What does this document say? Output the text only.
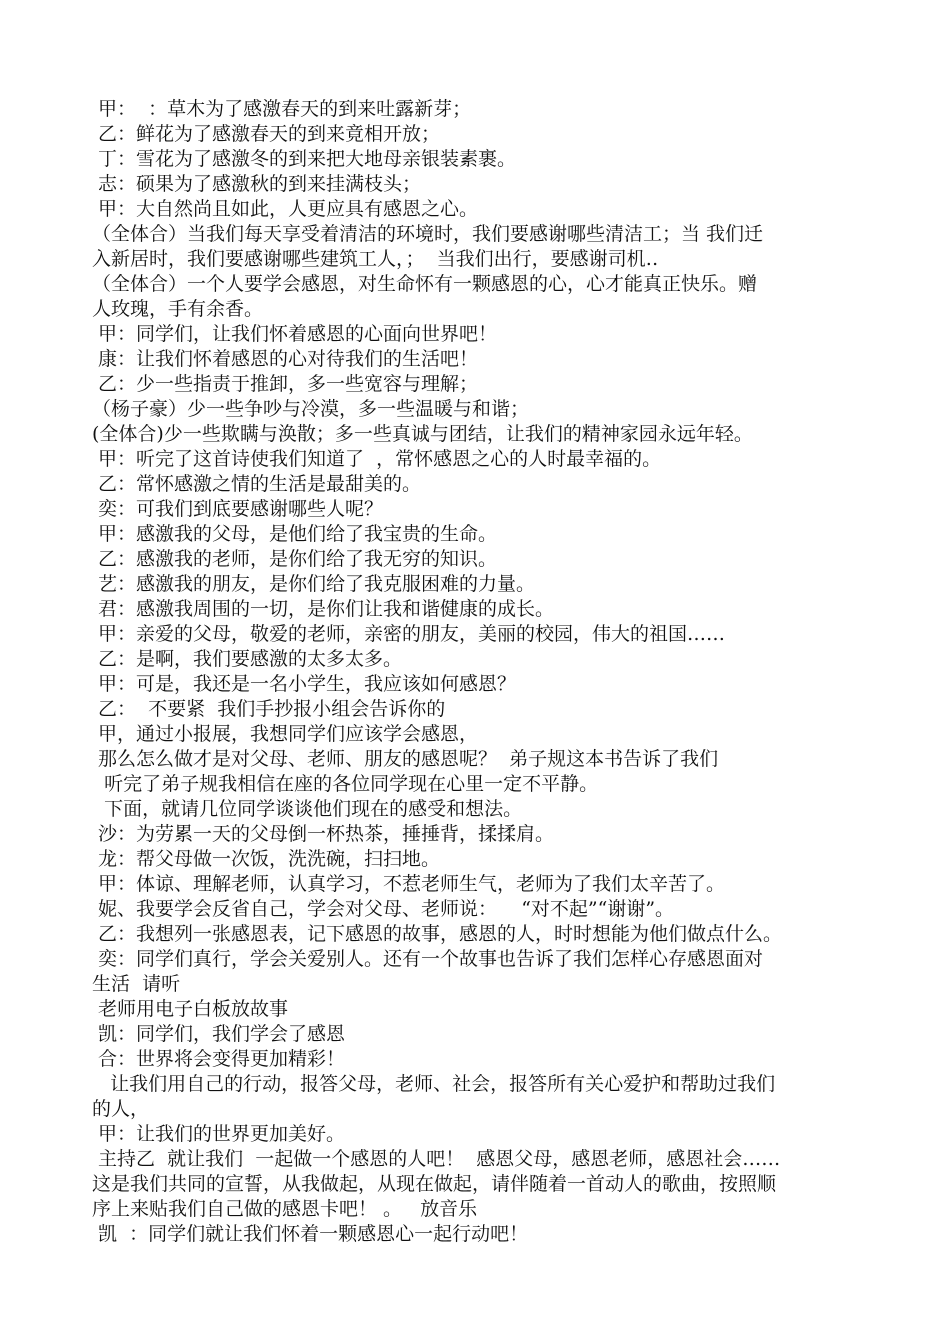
甲：  ：草木为了感激春天的到来吐露新芽；
乙：鲜花为了感激春天的到来竟相开放；
丁：雪花为了感激冬的到来把大地母亲银装素裹。
志：硕果为了感激秋的到来挂满枝头；
甲：大自然尚且如此，人更应具有感恩之心。
（全体合）当我们每天享受着清洁的环境时，我们要感谢哪些清洁工；当 我们迁
入新居时，我们要感谢哪些建筑工人，；  当我们出行，要感谢司机‥
（全体合）一个人要学会感恩，对生命怀有一颗感恩的心，心才能真正快乐。赠
人玫瑰，手有余香。
甲：同学们，让我们怀着感恩的心面向世界吧！
康：让我们怀着感恩的心对待我们的生活吧！
乙：少一些指责于推卸，多一些宽容与理解；
（杨子豪）少一些争吵与冷漠，多一些温暖与和谐；
(全体合)少一些欺瞒与涣散；多一些真诚与团结，让我们的精神家园永远年轻。
甲：听完了这首诗使我们知道了  ，常怀感恩之心的人时最幸福的。
乙：常怀感激之情的生活是最甜美的。
奕：可我们到底要感谢哪些人呢？
甲：感激我的父母，是他们给了我宝贵的生命。
乙：感激我的老师，是你们给了我无穷的知识。
艺：感激我的朋友，是你们给了我克服困难的力量。
君：感激我周围的一切，是你们让我和谐健康的成长。
甲：亲爱的父母，敬爱的老师，亲密的朋友，美丽的校园，伟大的祖国……
乙：是啊，我们要感激的太多太多。
甲：可是，我还是一名小学生，我应该如何感恩？
乙：  不要紧  我们手抄报小组会告诉你的
甲，通过小报展，我想同学们应该学会感恩，
那么怎么做才是对父母、老师、朋友的感恩呢？  弟子规这本书告诉了我们
听完了弟子规我相信在座的各位同学现在心里一定不平静。
下面，就请几位同学谈谈他们现在的感受和想法。
沙：为劳累一天的父母倒一杯热茶，捶捶背，揉揉肩。
龙：帮父母做一次饭，洗洗碗，扫扫地。
甲：体谅、理解老师，认真学习，不惹老师生气，老师为了我们太辛苦了。
妮、我要学会反省自己，学会对父母、老师说：    “对不起”“谢谢”。
乙：我想列一张感恩表，记下感恩的故事，感恩的人，时时想能为他们做点什么。
奕：同学们真行，学会关爱别人。还有一个故事也告诉了我们怎样心存感恩面对
生活  请听
老师用电子白板放故事
凯：同学们，我们学会了感恩
合：世界将会变得更加精彩！
让我们用自己的行动，报答父母，老师、社会，报答所有关心爱护和帮助过我们
的人，
甲：让我们的世界更加美好。
主持乙  就让我们  一起做一个感恩的人吧！  感恩父母，感恩老师，感恩社会……
这是我们共同的宣誓，从我做起，从现在做起，请伴随着一首动人的歌曲，按照顺
序上来贴我们自己做的感恩卡吧！ 。   放音乐
凯  ：同学们就让我们怀着一颗感恩心一起行动吧！
